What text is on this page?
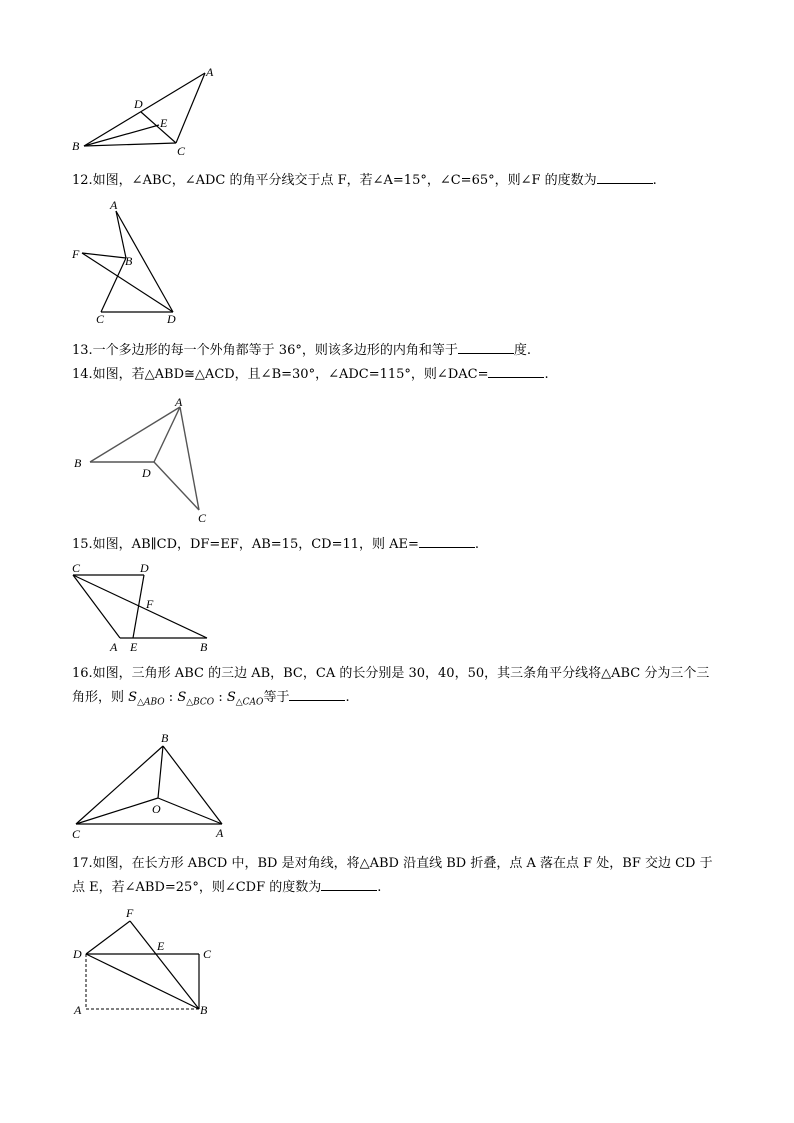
A
B	C
D
E
12.如图，∠ABC，∠ADC 的角平分线交于点 F，若∠A=15°，∠C=65°，则∠F 的度数为	.
A
B
C	D
F
13.一个多边形的每一个外角都等于 36°，则该多边形的内角和等于	度.
14.如图，若△ABD≅△ACD，且∠B=30°，∠ADC=115°，则∠DAC=	.
A
B
C
D
15.如图，AB∥CD，DF=EF，AB=15，CD=11，则 AE=	.
A	B
C	D
E
F
16.如图，三角形 ABC 的三边 AB，BC，CA 的长分别是 30，40，50，其三条角平分线将△ABC 分为三个三
角形，则 $S_{\triangle ABO}$ : $S_{\triangle BCO}$ : $S_{\triangle CAO}$等于	.
A
B
C
O
17.如图，在长方形 ABCD 中，BD 是对角线，将△ABD 沿直线 BD 折叠，点 A 落在点 F 处，BF 交边 CD 于
点 E，若∠ABD=25°，则∠CDF 的度数为	.
A	B
C
D
E
F
